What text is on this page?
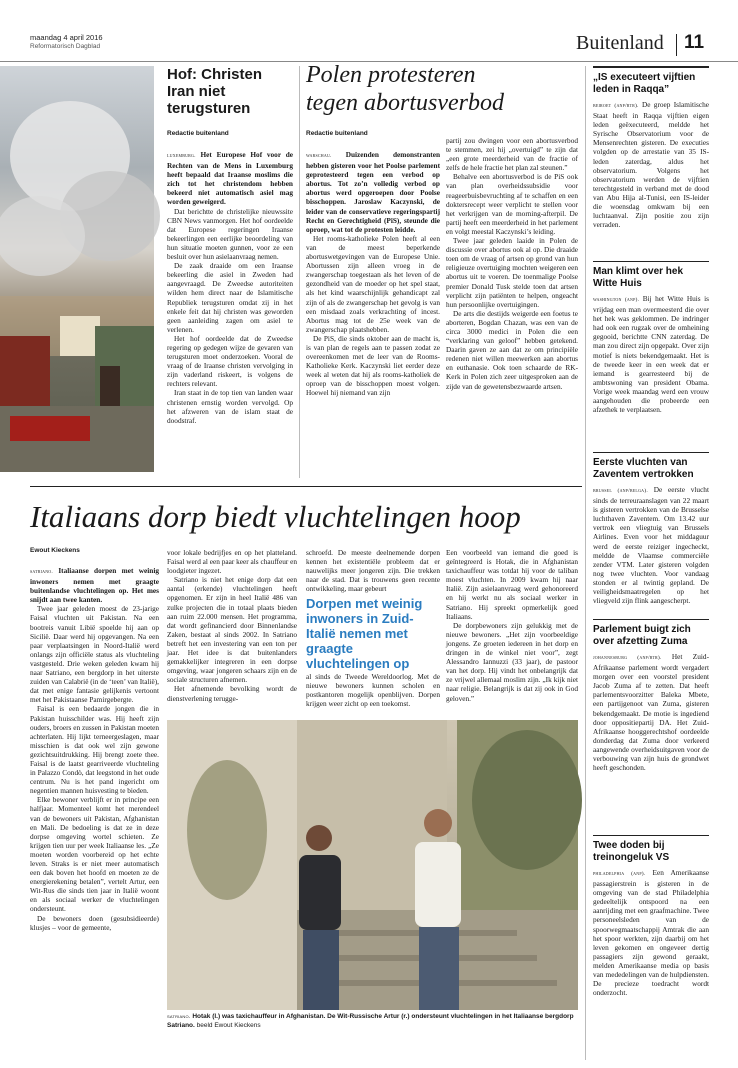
maandag 4 april 2016
Reformatorisch Dagblad	Buitenland 11
Hof: Christen Iran niet terugsturen
Redactie buitenland

luxemburg. Het Europese Hof voor de Rechten van de Mens in Luxemburg heeft bepaald dat Iraanse moslims die zich tot het christendom hebben bekeerd niet automatisch asiel mag worden geweigerd.

Dat berichtte de christelijke nieuwssite CBN News vanmorgen. Het hof oordeelde dat Europese regeringen Iraanse bekeerlingen een eerlijke beoordeling van hun situatie moeten gunnen, voor ze een besluit over hun asielaanvraag nemen.

De zaak draaide om een Iraanse bekeerling die asiel in Zweden had aangevraagd. De Zweedse autoriteiten wilden hem direct naar de Islamitische Republiek terugsturen omdat zij in het enkele feit dat hij christen was geworden geen aanleiding zagen om asiel te verlenen.

Het hof oordeelde dat de Zweedse regering op gedegen wijze de gevaren van terugsturen moet onderzoeken. Vooral de vraag of de Iraanse christen vervolging in zijn vaderland riskeert, is volgens de rechters relevant.

Iran staat in de top tien van landen waar christenen ernstig worden vervolgd. Op het afzweren van de islam staat de doodstraf.

Polen protesteren
tegen abortusverbod
Redactie buitenland

warschau. Duizenden demonstranten hebben gisteren voor het Poolse parlement geprotesteerd tegen een verbod op abortus. Tot zo’n volledig verbod op abortus werd opgeroepen door Poolse bisschoppen. Jaroslaw Kaczynski, de leider van de conservatieve regeringspartij Recht en Gerechtigheid (PiS), steunde die oproep, wat tot de protesten leidde.

Het rooms-katholieke Polen heeft al een van de meest beperkende abortuswetgevingen van de Europese Unie. Abortussen zijn alleen vroeg in de zwangerschap toegestaan als het leven of de gezondheid van de moeder op het spel staat, als het kind waarschijnlijk gehandicapt zal zijn of als de zwangerschap het gevolg is van een misdaad zoals verkrachting of incest. Abortus mag tot de 25e week van de zwangerschap plaatshebben.

De PiS, die sinds oktober aan de macht is, is van plan de regels aan te passen zodat ze overeenkomen met de leer van de Rooms-Katholieke Kerk. Kaczynski liet eerder deze week al weten dat hij als rooms-katholiek de oproep van de bisschoppen moest volgen. Hoewel hij niemand van zijn

partij zou dwingen voor een abortusverbod te stemmen, zei hij „overtuigd” te zijn dat „een grote meerderheid van de fractie of zelfs de hele fractie het plan zal steunen.”

Behalve een abortusverbod is de PiS ook van plan overheidssubsidie voor reageerbuisbevruchting af te schaffen en een doktersrecept weer verplicht te stellen voor het verkrijgen van de morning-afterpil. De partij heeft een meerderheid in het parlement en volgt meestal Kaczynski’s leiding.

Twee jaar geleden laaide in Polen de discussie over abortus ook al op. Die draaide toen om de vraag of artsen op grond van hun religieuze overtuiging mochten weigeren een abortus uit te voeren. De toenmalige Poolse premier Donald Tusk stelde toen dat artsen verplicht zijn patiënten te helpen, ongeacht hun persoonlijke overtuigingen.

De arts die destijds weigerde een foetus te aborteren, Bogdan Chazan, was een van de circa 3000 medici in Polen die een “verklaring van geloof” hebben getekend. Daarin gaven ze aan dat ze om principiële redenen niet willen meewerken aan abortus en euthanasie. Ook toen schaarde de RK-Kerk in Polen zich zeer uitgesproken aan de zijde van de gewetensbezwaarde artsen.

Italiaans dorp biedt vluchtelingen hoop
Ewout Kieckens

satriano. Italiaanse dorpen met weinig inwoners nemen met graagte buitenlandse vluchtelingen op. Het mes snijdt aan twee kanten.

Twee jaar geleden moest de 23-jarige Faisal vluchten uit Pakistan. Na een bootreis vanuit Libië spoelde hij aan op Sicilië. Daar werd hij opgevangen. Na een paar verplaatsingen in Noord-Italië werd onlangs zijn officiële status als vluchteling vastgesteld. Drie weken geleden kwam hij naar Satriano, een bergdorp in het uiterste zuiden van Calabrië (in de ‘teen’ van Italië), dat met enige fantasie gelijkenis vertoont met het Pakistaanse Pamirgebergte.

Faisal is een bedaarde jongen die in Pakistan huisschilder was. Hij heeft zijn ouders, broers en zussen in Pakistan moeten achterlaten. Hij lijkt terneergeslagen, maar misschien is dat ook wel zijn gewone gezichtsuitdrukking. Hij brengt zoete thee. Faisal is de laatst gearriveerde vluchteling in Palazzo Condò, dat leegstond in het oude centrum. Nu is het pand ingericht om negentien mannen huisvesting te bieden.

Elke bewoner verblijft er in principe een halfjaar. Momenteel komt het merendeel van de bewoners uit Pakistan, Afghanistan en Mali. De bedoeling is dat ze in deze dorpse omgeving wortel schieten. Ze krijgen tien uur per week Italiaanse les. „Ze moeten worden voorbereid op het echte leven. Straks is er niet meer automatisch een dak boven het hoofd en moeten ze de energierekening betalen”, vertelt Artur, een Wit-Rus die sinds tien jaar in Italië woont en als sociaal werker de vluchtelingen ondersteunt.

De bewoners doen (gesubsidieerde) klusjes – voor de gemeente,

voor lokale bedrijfjes en op het platteland. Faisal werd al een paar keer als chauffeur en loodgieter ingezet.

Satriano is niet het enige dorp dat een aantal (erkende) vluchtelingen heeft opgenomen. Er zijn in heel Italië 486 van zulke projecten die in totaal plaats bieden aan ruim 22.000 mensen. Het programma, dat wordt gefinancierd door Binnenlandse Zaken, bestaat al sinds 2002. In Satriano betreft het een investering van een ton per jaar. Het idee is dat buitenlanders gemakkelijker integreren in een dorpse omgeving, waar jongeren schaars zijn en de sociale structuren afnemen.

Het afnemende bevolking wordt de dienstverlening terugge-

schroefd. De meeste deelnemende dorpen kennen het existentiële probleem dat er nauwelijks meer jongeren zijn. Die trekken naar de stad. Dat is trouwens geen recente ontwikkeling, maar gebeurt

Dorpen met weinig inwoners in Zuid-Italië nemen met graagte vluchtelingen op

al sinds de Tweede Wereldoorlog. Met de nieuwe bewoners kunnen scholen en postkantoren mogelijk openblijven. Dorpen krijgen weer zicht op een toekomst.

Een voorbeeld van iemand die goed is geïntegreerd is Hotak, die in Afghanistan taxichauffeur was totdat hij voor de taliban moest vluchten. In 2009 kwam hij naar Italië. Zijn asielaanvraag werd gehonoreerd en hij werkt nu als sociaal werker in Satriano. Hij spreekt opmerkelijk goed Italiaans.

De dorpbewoners zijn gelukkig met de nieuwe bewoners. „Het zijn voorbeeldige jongens. Ze groeten iedereen in het dorp en dringen in de winkel niet voor”, zegt Alessandro Iannuzzi (33 jaar), de pastoor van het dorp. Hij vindt het onbelangrijk dat ze vrijwel allemaal moslim zijn. „Ik kijk niet naar religie. Belangrijk is dat zij ook in God geloven.”

satriano. Hotak (l.) was taxichauffeur in Afghanistan. De Wit-Russische Artur (r.) ondersteunt vluchtelingen in het Italiaanse bergdorp Satriano. beeld Ewout Kieckens
„IS executeert vijftien leden in Raqqa”

beiroet (anp/rtr). De groep Islamitische Staat heeft in Raqqa vijftien eigen leden geëxecuteerd, meldde het Syrische Observatorium voor de Mensenrechten gisteren. De executies volgden op de arrestatie van 35 IS-leden zaterdag, aldus het observatorium. Volgens het observatorium werden de vijftien terechtgesteld in verband met de dood van Abu Hija al-Tunisi, een IS-leider die woensdag omkwam bij een luchtaanval. Zijn positie zou zijn verraden.

Man klimt over hek Witte Huis

washington (anp). Bij het Witte Huis is vrijdag een man overmeesterd die over het hek was geklommen. De indringer had ook een rugzak over de omheining gegooid, berichtte CNN zaterdag. De man zou direct zijn opgepakt. Over zijn motief is niets bekendgemaakt. Het is de tweede keer in een week dat er iemand is gearresteerd bij de ambtswoning van president Obama. Vorige week maandag werd een vrouw aangehouden die probeerde een afzethek te verplaatsen.

Eerste vluchten van Zaventem vertrokken

brussel (anp/belga). De eerste vlucht sinds de terreuraanslagen van 22 maart is gisteren vertrokken van de Brusselse luchthaven Zaventem. Om 13.42 uur vertrok een vliegtuig van Brussels Airlines. Even voor het middaguur werd de eerste reiziger ingecheckt, meldde de Vlaamse commerciële zender VTM. Later gisteren volgden nog twee vluchten. Voor vandaag stonden er al twintig gepland. De veiligheidsmaatregelen op het vliegveld zijn flink aangescherpt.

Parlement buigt zich over afzetting Zuma

johannesburg (anp/rtr). Het Zuid-Afrikaanse parlement wordt vergadert morgen over een voorstel president Jacob Zuma af te zetten. Dat heeft parlementsvoorzitter Baleka Mbete, een partijgenoot van Zuma, gisteren bekendgemaakt. De motie is ingediend door oppositiepartij DA. Het Zuid-Afrikaanse hooggerechtshof oordeelde donderdag dat Zuma door verkeerd aangewende overheidsuitgaven voor de verbouwing van zijn huis de grondwet heeft geschonden.

Twee doden bij treinongeluk VS

philadelphia (anp). Een Amerikaanse passagierstrein is gisteren in de omgeving van de stad Philadelphia gedeeltelijk ontspoord na een aanrijding met een graafmachine. Twee personeelsleden van de spoorwegmaatschappij Amtrak die aan het spoor werkten, zijn daarbij om het leven gekomen en ongeveer dertig passagiers zijn gewond geraakt, melden Amerikaanse media op basis van mededelingen van de hulpdiensten. De precieze toedracht wordt onderzocht.
